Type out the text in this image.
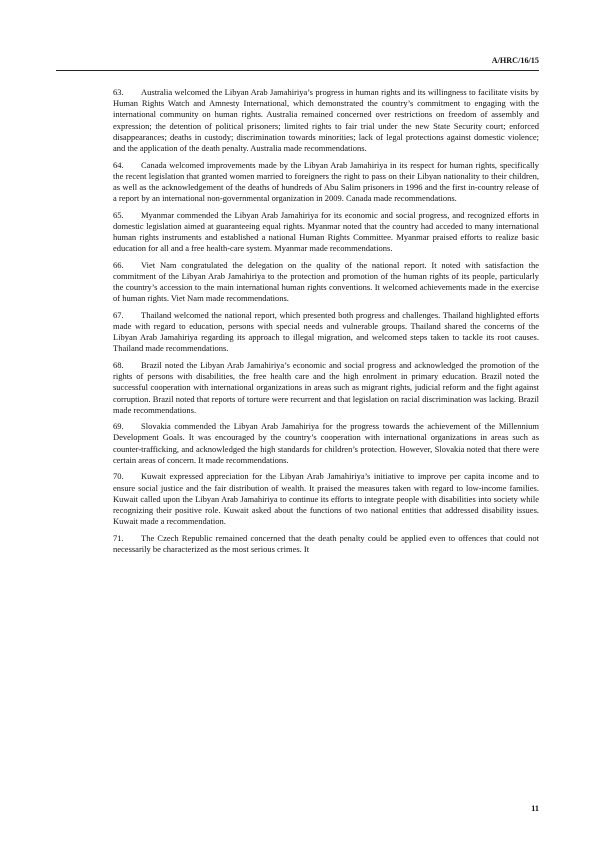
A/HRC/16/15

63. Australia welcomed the Libyan Arab Jamahiriya’s progress in human rights and its willingness to facilitate visits by Human Rights Watch and Amnesty International, which demonstrated the country’s commitment to engaging with the international community on human rights. Australia remained concerned over restrictions on freedom of assembly and expression; the detention of political prisoners; limited rights to fair trial under the new State Security court; enforced disappearances; deaths in custody; discrimination towards minorities; lack of legal protections against domestic violence; and the application of the death penalty. Australia made recommendations.

64. Canada welcomed improvements made by the Libyan Arab Jamahiriya in its respect for human rights, specifically the recent legislation that granted women married to foreigners the right to pass on their Libyan nationality to their children, as well as the acknowledgement of the deaths of hundreds of Abu Salim prisoners in 1996 and the first in-country release of a report by an international non-governmental organization in 2009. Canada made recommendations.

65. Myanmar commended the Libyan Arab Jamahiriya for its economic and social progress, and recognized efforts in domestic legislation aimed at guaranteeing equal rights. Myanmar noted that the country had acceded to many international human rights instruments and established a national Human Rights Committee. Myanmar praised efforts to realize basic education for all and a free health-care system. Myanmar made recommendations.

66. Viet Nam congratulated the delegation on the quality of the national report. It noted with satisfaction the commitment of the Libyan Arab Jamahiriya to the protection and promotion of the human rights of its people, particularly the country’s accession to the main international human rights conventions. It welcomed achievements made in the exercise of human rights. Viet Nam made recommendations.

67. Thailand welcomed the national report, which presented both progress and challenges. Thailand highlighted efforts made with regard to education, persons with special needs and vulnerable groups. Thailand shared the concerns of the Libyan Arab Jamahiriya regarding its approach to illegal migration, and welcomed steps taken to tackle its root causes. Thailand made recommendations.

68. Brazil noted the Libyan Arab Jamahiriya’s economic and social progress and acknowledged the promotion of the rights of persons with disabilities, the free health care and the high enrolment in primary education. Brazil noted the successful cooperation with international organizations in areas such as migrant rights, judicial reform and the fight against corruption. Brazil noted that reports of torture were recurrent and that legislation on racial discrimination was lacking. Brazil made recommendations.

69. Slovakia commended the Libyan Arab Jamahiriya for the progress towards the achievement of the Millennium Development Goals. It was encouraged by the country’s cooperation with international organizations in areas such as counter-trafficking, and acknowledged the high standards for children’s protection. However, Slovakia noted that there were certain areas of concern. It made recommendations.

70. Kuwait expressed appreciation for the Libyan Arab Jamahiriya’s initiative to improve per capita income and to ensure social justice and the fair distribution of wealth. It praised the measures taken with regard to low-income families. Kuwait called upon the Libyan Arab Jamahiriya to continue its efforts to integrate people with disabilities into society while recognizing their positive role. Kuwait asked about the functions of two national entities that addressed disability issues. Kuwait made a recommendation.

71. The Czech Republic remained concerned that the death penalty could be applied even to offences that could not necessarily be characterized as the most serious crimes. It

11
